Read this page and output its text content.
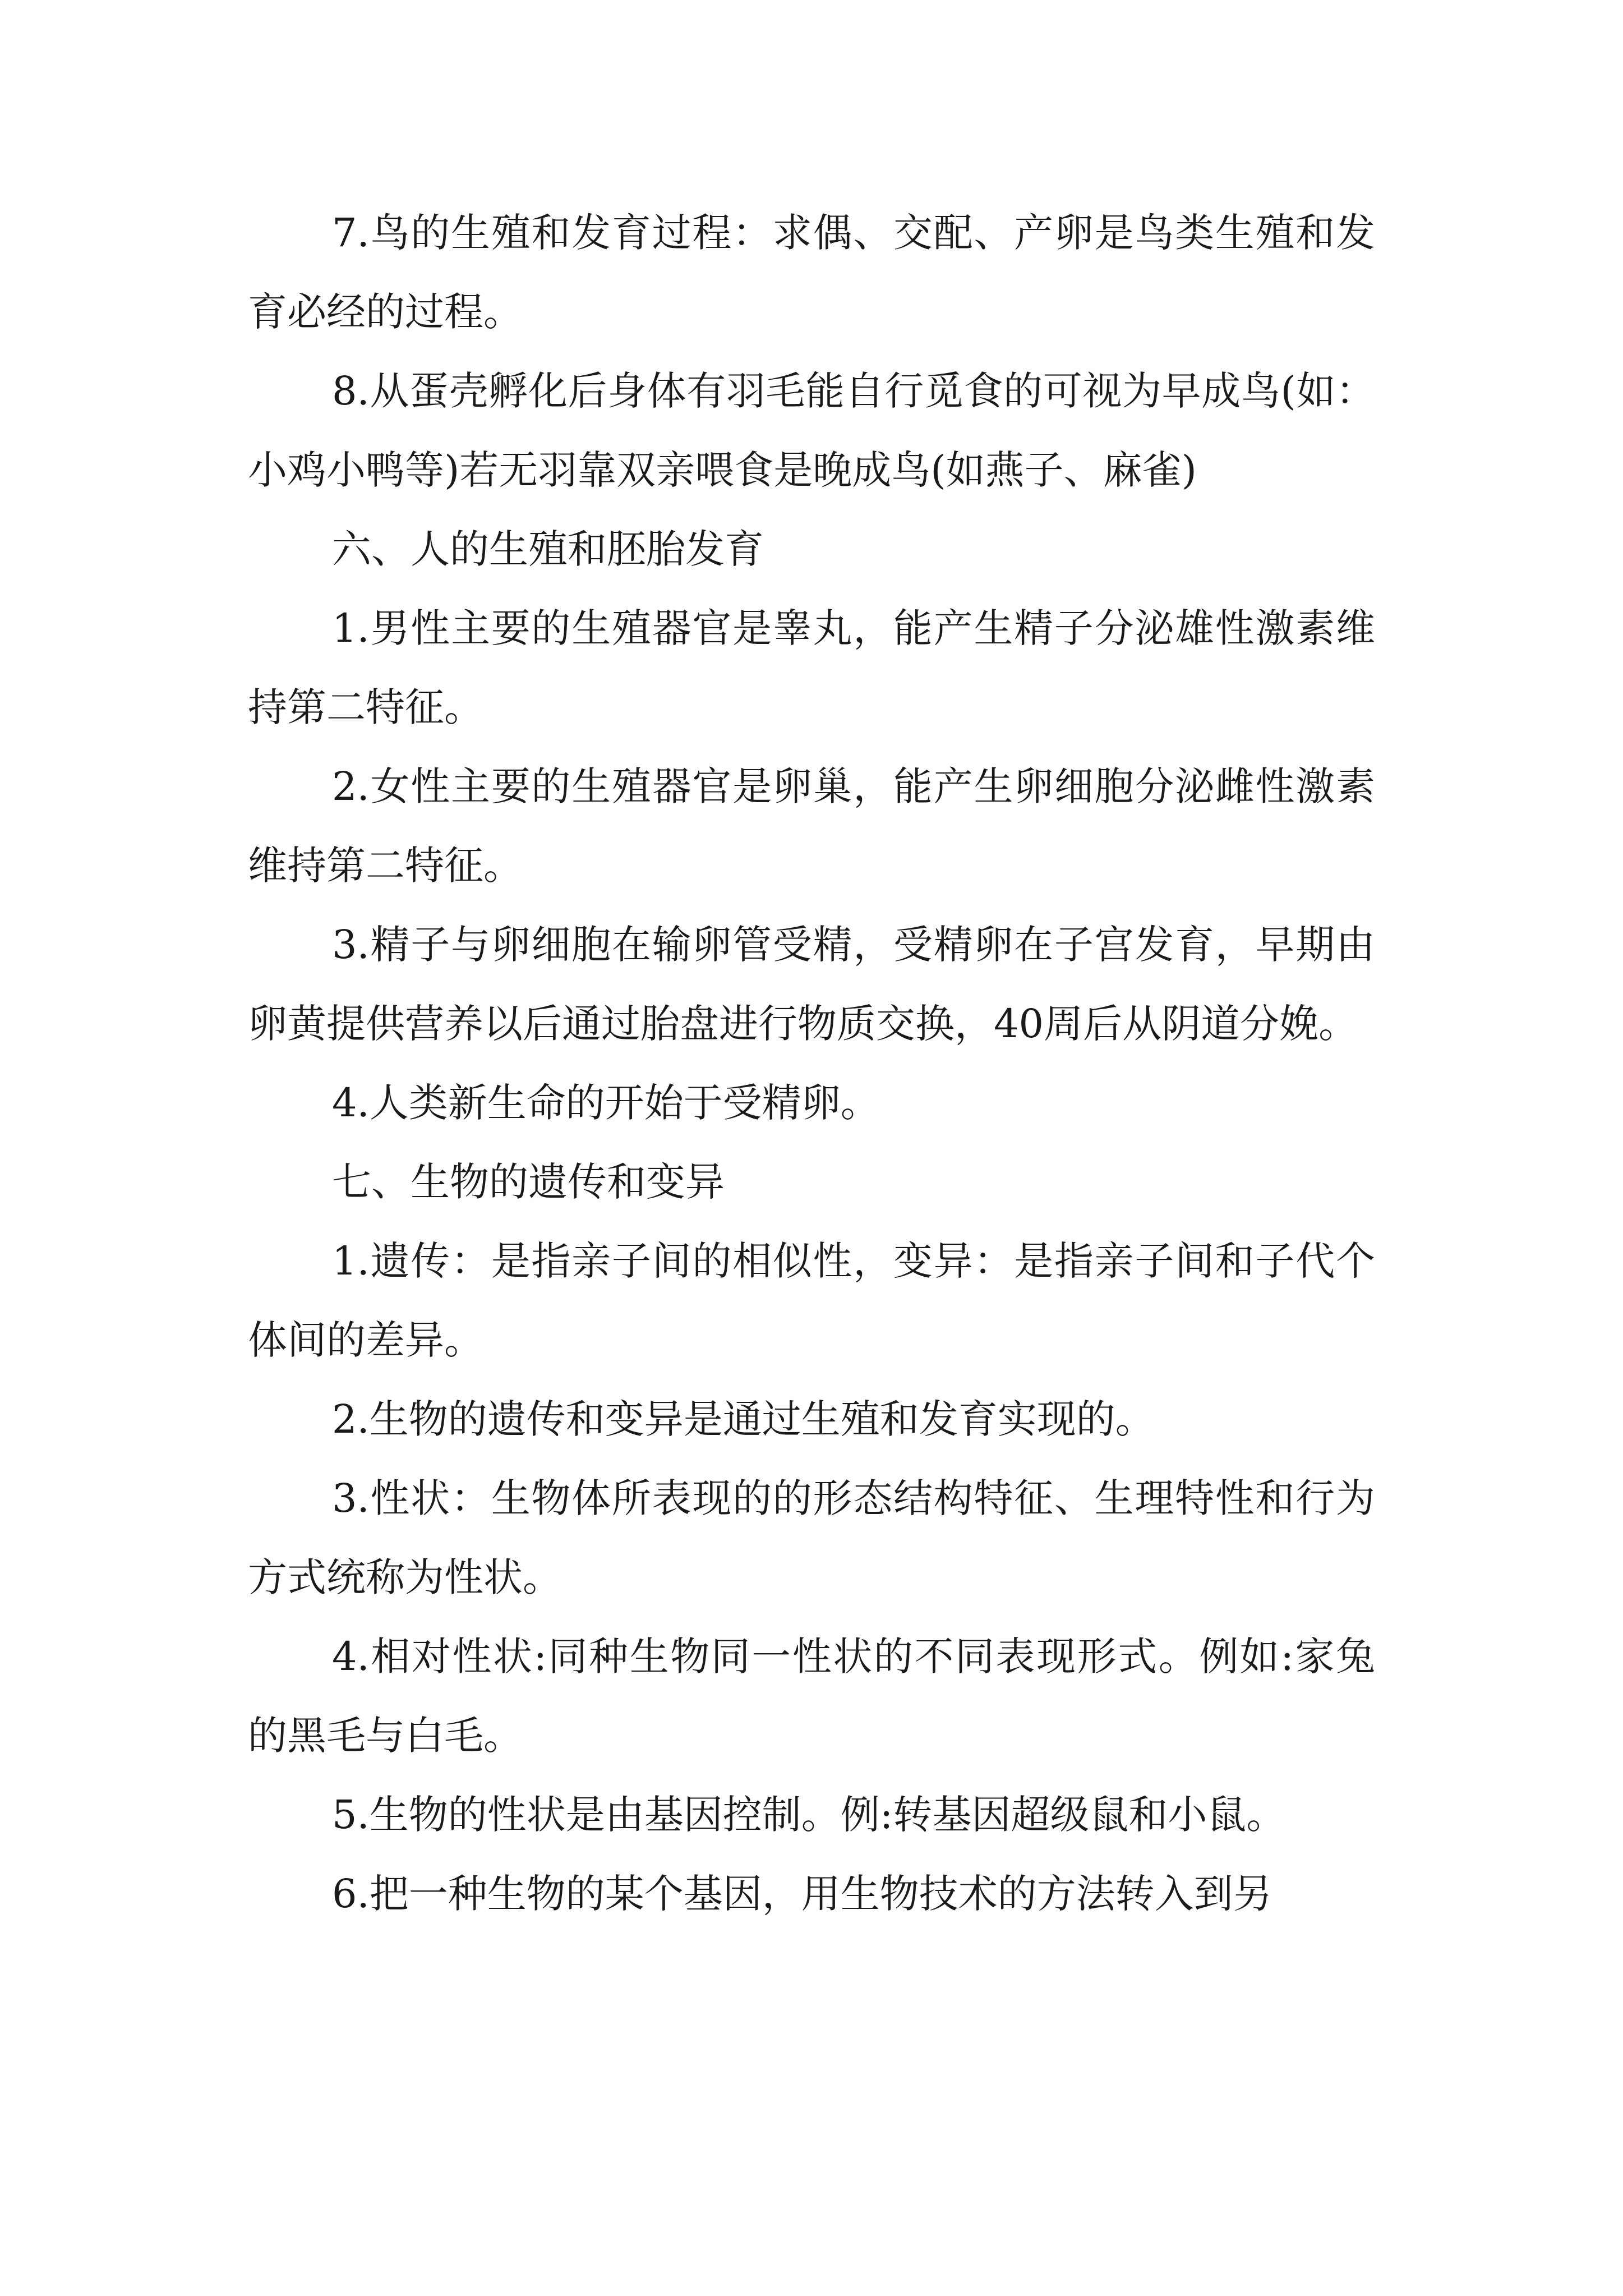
7.鸟的生殖和发育过程：求偶、交配、产卵是鸟类生殖和发育必经的过程。

8.从蛋壳孵化后身体有羽毛能自行觅食的可视为早成鸟(如：小鸡小鸭等)若无羽靠双亲喂食是晚成鸟(如燕子、麻雀)

六、人的生殖和胚胎发育

1.男性主要的生殖器官是睾丸，能产生精子分泌雄性激素维持第二特征。

2.女性主要的生殖器官是卵巢，能产生卵细胞分泌雌性激素维持第二特征。

3.精子与卵细胞在输卵管受精，受精卵在子宫发育，早期由卵黄提供营养以后通过胎盘进行物质交换，40周后从阴道分娩。

4.人类新生命的开始于受精卵。

七、生物的遗传和变异

1.遗传：是指亲子间的相似性，变异：是指亲子间和子代个体间的差异。

2.生物的遗传和变异是通过生殖和发育实现的。

3.性状：生物体所表现的的形态结构特征、生理特性和行为方式统称为性状。

4.相对性状:同种生物同一性状的不同表现形式。例如:家兔的黑毛与白毛。

5.生物的性状是由基因控制。例:转基因超级鼠和小鼠。

6.把一种生物的某个基因，用生物技术的方法转入到另
